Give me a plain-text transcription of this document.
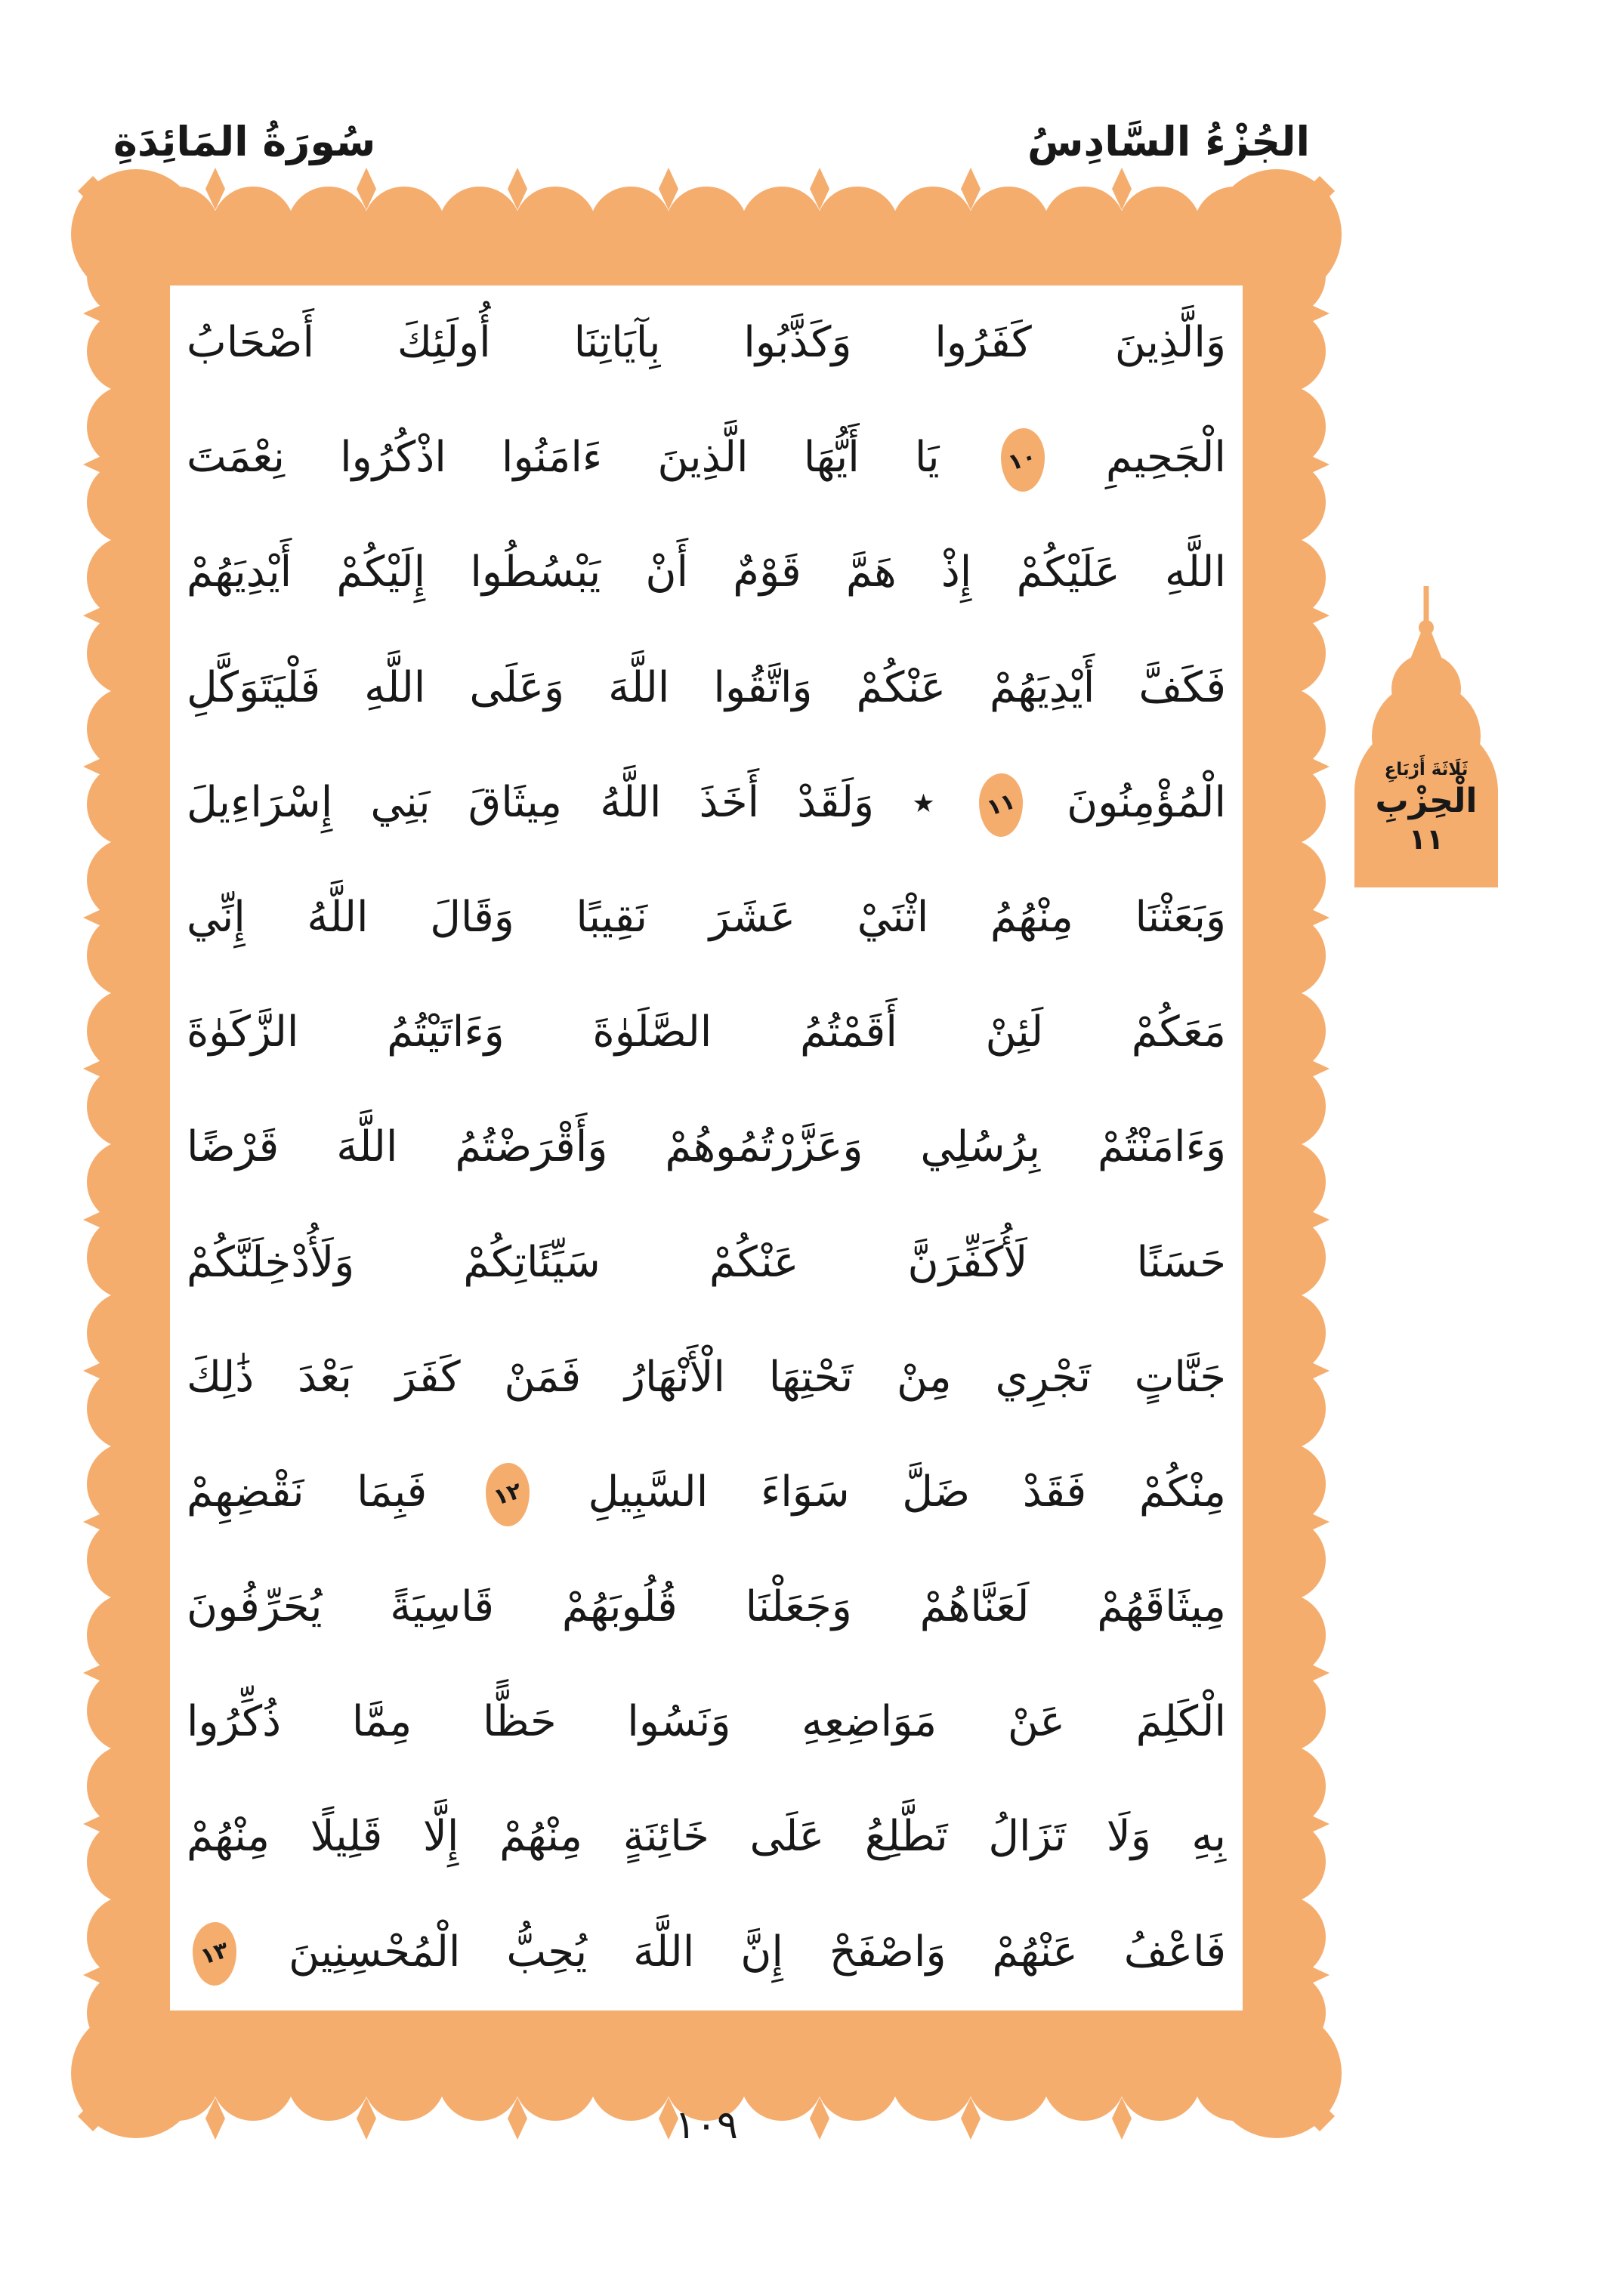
الجُزْءُ السَّادِسُ
سُورَةُ المَائِدَةِ
وَالَّذِينَ كَفَرُوا وَكَذَّبُوا بِآيَاتِنَا أُولَئِكَ أَصْحَابُ
الْجَحِيمِ
١٠
يَا أَيُّهَا الَّذِينَ ءَامَنُوا اذْكُرُوا نِعْمَتَ
اللَّهِ عَلَيْكُمْ إِذْ هَمَّ قَوْمٌ أَنْ يَبْسُطُوا إِلَيْكُمْ أَيْدِيَهُمْ
فَكَفَّ أَيْدِيَهُمْ عَنْكُمْ وَاتَّقُوا اللَّهَ وَعَلَى اللَّهِ فَلْيَتَوَكَّلِ
الْمُؤْمِنُونَ
١١
٭ وَلَقَدْ أَخَذَ اللَّهُ مِيثَاقَ بَنِي إِسْرَاءِيلَ
وَبَعَثْنَا مِنْهُمُ اثْنَيْ عَشَرَ نَقِيبًا وَقَالَ اللَّهُ إِنِّي
مَعَكُمْ لَئِنْ أَقَمْتُمُ الصَّلَوٰةَ وَءَاتَيْتُمُ الزَّكَوٰةَ
وَءَامَنْتُمْ بِرُسُلِي وَعَزَّرْتُمُوهُمْ وَأَقْرَضْتُمُ اللَّهَ قَرْضًا
حَسَنًا لَأُكَفِّرَنَّ عَنْكُمْ سَيِّئَاتِكُمْ وَلَأُدْخِلَنَّكُمْ
جَنَّاتٍ تَجْرِي مِنْ تَحْتِهَا الْأَنْهَارُ فَمَنْ كَفَرَ بَعْدَ ذَٰلِكَ
مِنْكُمْ فَقَدْ ضَلَّ سَوَاءَ السَّبِيلِ
١٢
فَبِمَا نَقْضِهِمْ
مِيثَاقَهُمْ لَعَنَّاهُمْ وَجَعَلْنَا قُلُوبَهُمْ قَاسِيَةً يُحَرِّفُونَ
الْكَلِمَ عَنْ مَوَاضِعِهِ وَنَسُوا حَظًّا مِمَّا ذُكِّرُوا
بِهِ وَلَا تَزَالُ تَطَّلِعُ عَلَى خَائِنَةٍ مِنْهُمْ إِلَّا قَلِيلًا مِنْهُمْ
فَاعْفُ عَنْهُمْ وَاصْفَحْ إِنَّ اللَّهَ يُحِبُّ الْمُحْسِنِينَ
١٣
ثَلَاثَةَ أَرْبَاعِ
الْحِزْبِ
١١
١٠٩
